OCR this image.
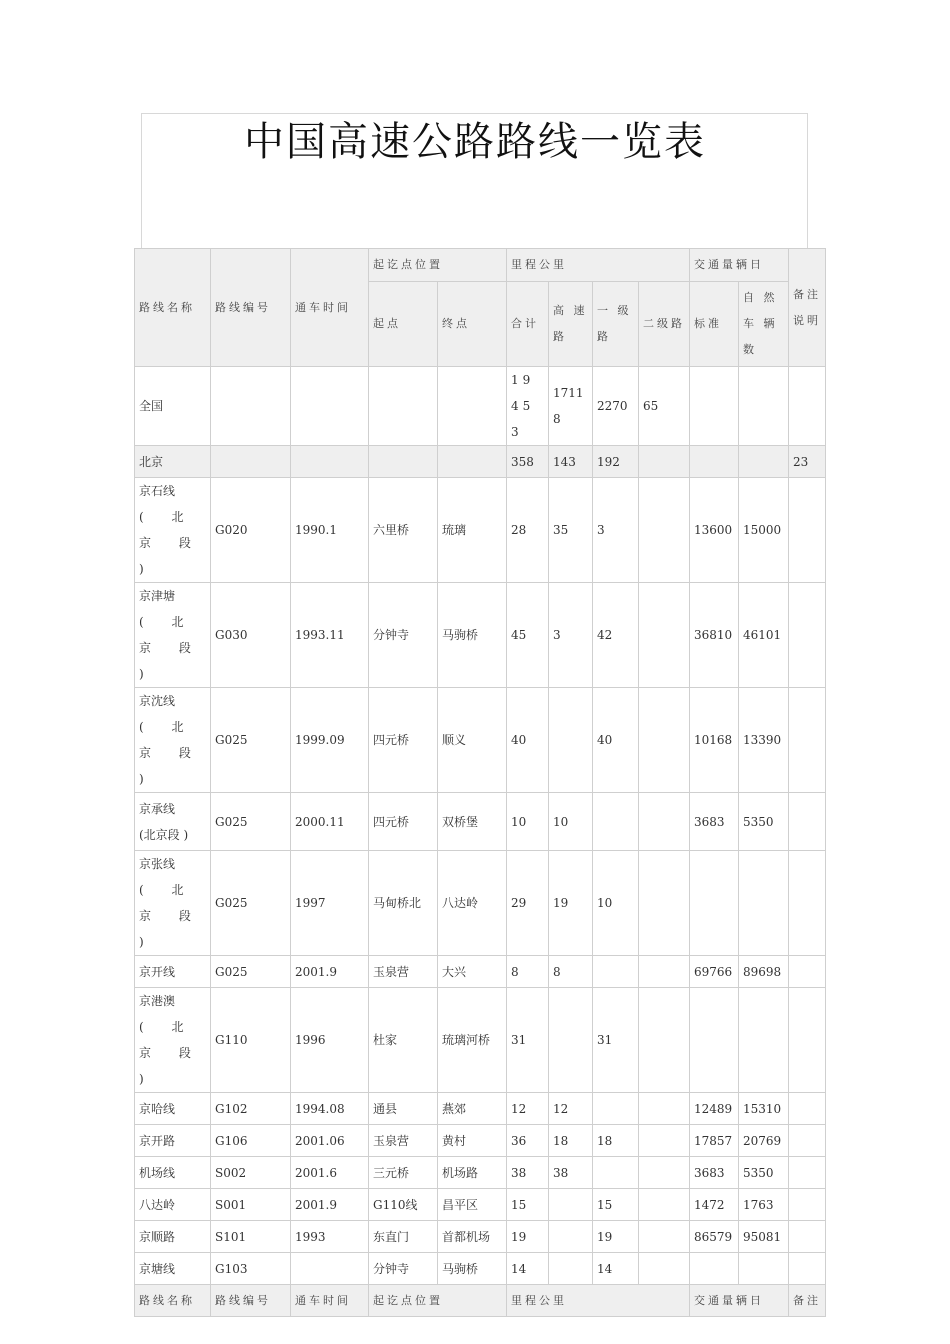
中国高速公路路线一览表
路线名称	路线编号	通车时间	起讫点位置		里程公里				交通量辆日		备注 说明
			起点	终点	合计	高 速 路	一 级 路	二级路	标准	自 然 车 辆 数	
全国					19453	17118	2270	65			
北京					358	143	192				23

京石线
( 北 京 段 )	G020	1990.1	六里桥	琉璃	28	35	3		13600	15000	

京津塘
( 北 京 段 )	G030	1993.11	分钟寺	马驹桥	45	3	42		36810	46101	

京沈线
( 北 京 段 )	G025	1999.09	四元桥	顺义	40		40		10168	13390	

京承线
(北京段 )	G025	2000.11	四元桥	双桥堡	10	10			3683	5350	

京张线
( 北 京 段 )	G025	1997	马甸桥北	八达岭	29	19	10				
京开线	G025	2001.9	玉泉营	大兴	8	8			69766	89698	

京港澳
( 北 京 段 )	G110	1996	杜家	琉璃河桥	31		31				
京哈线	G102	1994.08	通县	燕郊	12	12			12489	15310	
京开路	G106	2001.06	玉泉营	黄村	36	18	18		17857	20769	
机场线	S002	2001.6	三元桥	机场路	38	38			3683	5350	
八达岭	S001	2001.9	G110线	昌平区	15		15		1472	1763	
京顺路	S101	1993	东直门	首都机场	19		19		86579	95081	
京塘线	G103		分钟寺	马驹桥	14		14				
路线名称	路线编号	通车时间	起讫点位置		里程公里				交通量辆日		备注
